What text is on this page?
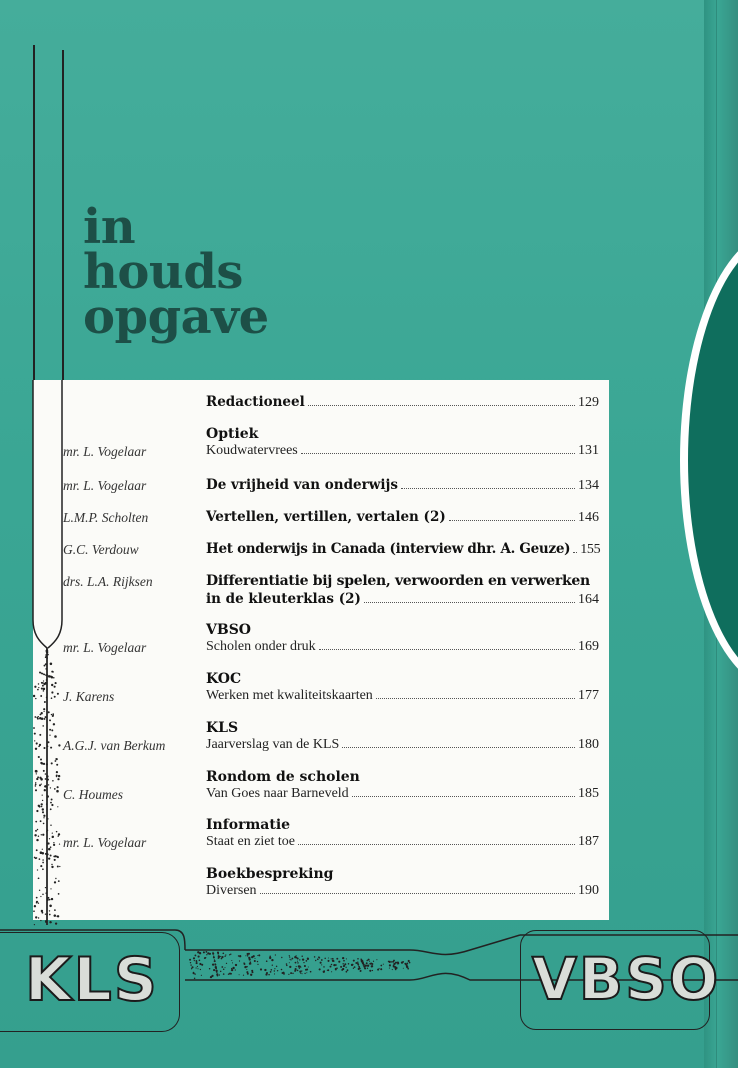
in
houds
opgave
Redactioneel	129
Optiek
mr. L. Vogelaar	Koudwatervrees	131
mr. L. Vogelaar	De vrijheid van onderwijs	134
L.M.P. Scholten	Vertellen, vertillen, vertalen (2)	146
G.C. Verdouw	Het onderwijs in Canada (interview dhr. A. Geuze) 155
drs. L.A. Rijksen	Differentiatie bij spelen, verwoorden en verwerken
in de kleuterklas (2)	164
VBSO
mr. L. Vogelaar	Scholen onder druk	169
KOC
J. Karens	Werken met kwaliteitskaarten	177
KLS
A.G.J. van Berkum	Jaarverslag van de KLS	180
Rondom de scholen
C. Houmes	Van Goes naar Barneveld	185
Informatie
mr. L. Vogelaar	Staat en ziet toe	187
Boekbespreking
Diversen	190
KLS	VBSO
